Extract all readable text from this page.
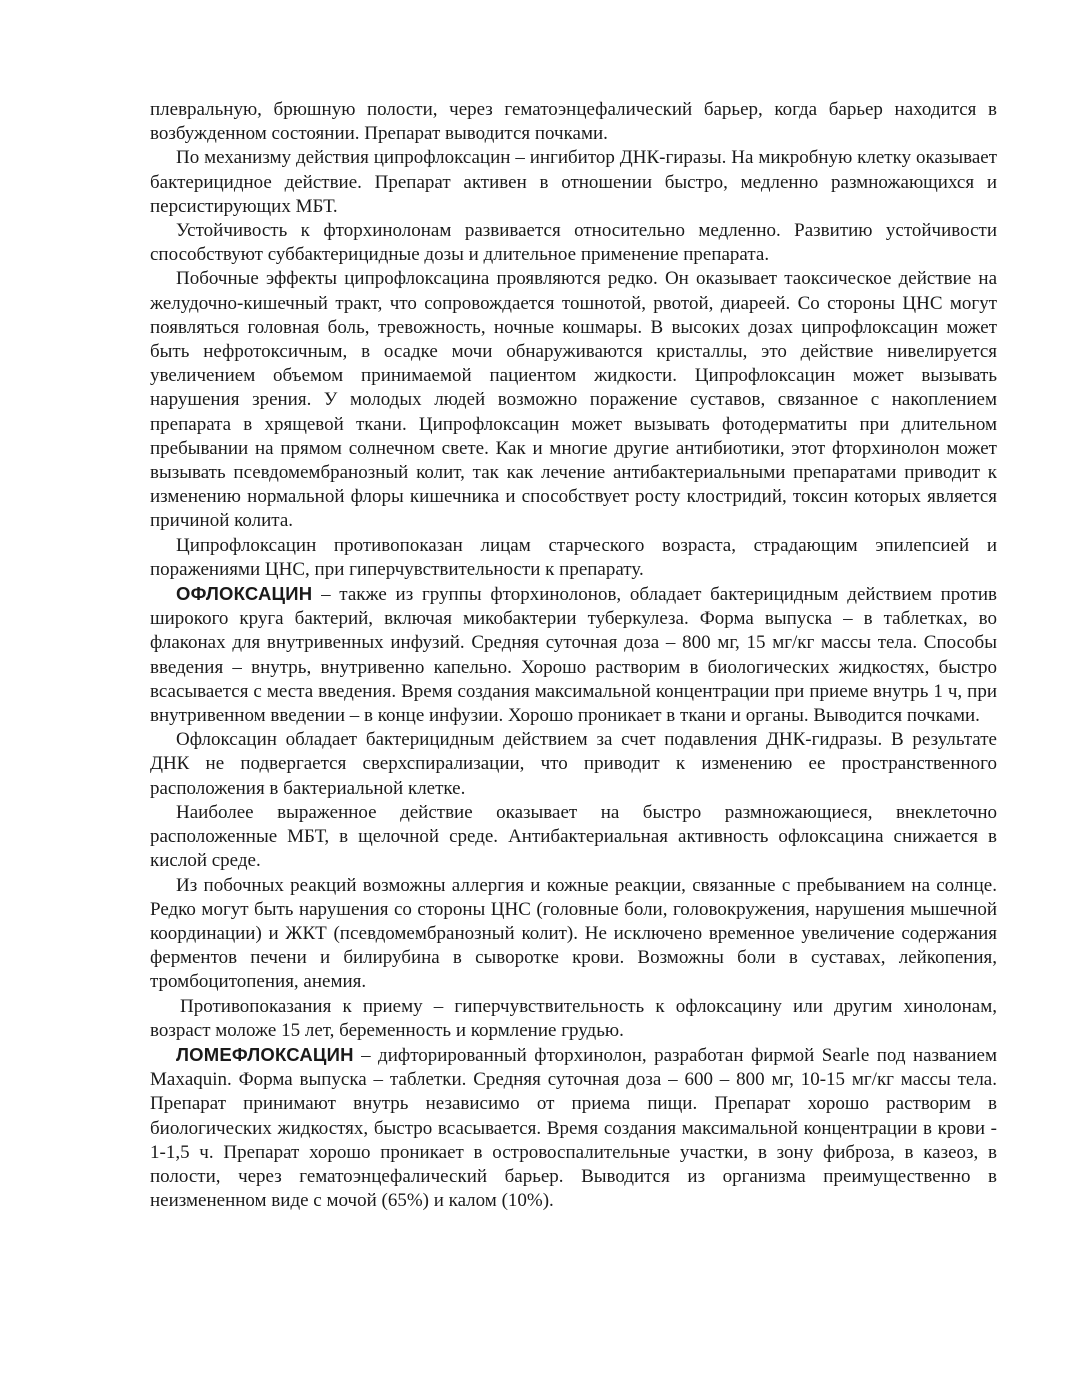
плевральную, брюшную полости, через гематоэнцефалический барьер, когда барьер находится в возбужденном состоянии. Препарат выводится почками.

По механизму действия ципрофлоксацин – ингибитор ДНК-гиразы. На микробную клетку оказывает бактерицидное действие. Препарат активен в отношении быстро, медленно размножающихся и персистирующих МБТ.

Устойчивость к фторхинолонам развивается относительно медленно. Развитию устойчивости способствуют суббактерицидные дозы и длительное применение препарата.

Побочные эффекты ципрофлоксацина проявляются редко. Он оказывает таоксическое действие на желудочно-кишечный тракт, что сопровождается тошнотой, рвотой, диареей. Со стороны ЦНС могут появляться головная боль, тревожность, ночные кошмары. В высоких дозах ципрофлоксацин может быть нефротоксичным, в осадке мочи обнаруживаются кристаллы, это действие нивелируется увеличением объемом принимаемой пациентом жидкости. Ципрофлоксацин может вызывать нарушения зрения. У молодых людей возможно поражение суставов, связанное с накоплением препарата в хрящевой ткани. Ципрофлоксацин может вызывать фотодерматиты при длительном пребывании на прямом солнечном свете. Как и многие другие антибиотики, этот фторхинолон может вызывать псевдомембранозный колит, так как лечение антибактериальными препаратами приводит к изменению нормальной флоры кишечника и способствует росту клостридий, токсин которых является причиной колита.

Ципрофлоксацин противопоказан лицам старческого возраста, страдающим эпилепсией и поражениями ЦНС, при гиперчувствительности к препарату.

ОФЛОКСАЦИН – также из группы фторхинолонов, обладает бактерицидным действием против широкого круга бактерий, включая микобактерии туберкулеза. Форма выпуска – в таблетках, во флаконах для внутривенных инфузий. Средняя суточная доза – 800 мг, 15 мг/кг массы тела. Способы введения – внутрь, внутривенно капельно. Хорошо растворим в биологических жидкостях, быстро всасывается с места введения. Время создания максимальной концентрации при приеме внутрь 1 ч, при внутривенном введении – в конце инфузии. Хорошо проникает в ткани и органы. Выводится почками.

Офлоксацин обладает бактерицидным действием за счет подавления ДНК-гидразы. В результате ДНК не подвергается сверхспирализации, что приводит к изменению ее пространственного расположения в бактериальной клетке.

Наиболее выраженное действие оказывает на быстро размножающиеся, внеклеточно расположенные МБТ, в щелочной среде. Антибактериальная активность офлоксацина снижается в кислой среде.

Из побочных реакций возможны аллергия и кожные реакции, связанные с пребыванием на солнце. Редко могут быть нарушения со стороны ЦНС (головные боли, головокружения, нарушения мышечной координации) и ЖКТ (псевдомембранозный колит). Не исключено временное увеличение содержания ферментов печени и билирубина в сыворотке крови. Возможны боли в суставах, лейкопения, тромбоцитопения, анемия.

Противопоказания к приему – гиперчувствительность к офлоксацину или другим хинолонам, возраст моложе 15 лет, беременность и кормление грудью.

ЛОМЕФЛОКСАЦИН – дифторированный фторхинолон, разработан фирмой Searle под названием Maxaquin. Форма выпуска – таблетки. Средняя суточная доза – 600 – 800 мг, 10-15 мг/кг массы тела. Препарат принимают внутрь независимо от приема пищи. Препарат хорошо растворим в биологических жидкостях, быстро всасывается. Время создания максимальной концентрации в крови - 1-1,5 ч. Препарат хорошо проникает в островоспалительные участки, в зону фиброза, в казеоз, в полости, через гематоэнцефалический барьер. Выводится из организма преимущественно в неизмененном виде с мочой (65%) и калом (10%).
